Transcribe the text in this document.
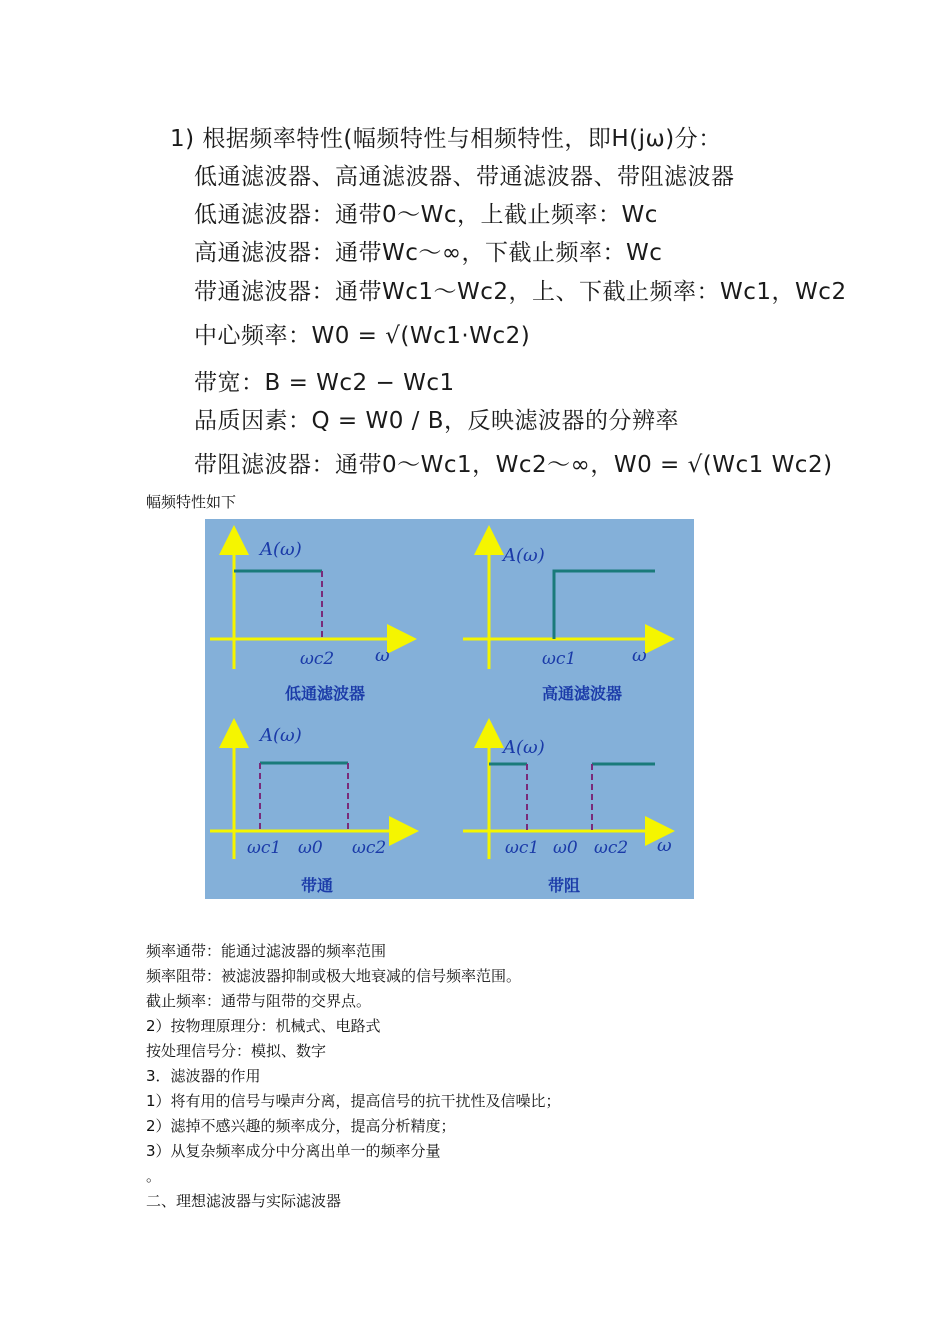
1) 根据频率特性(幅频特性与相频特性，即H(jω)分：
低通滤波器、高通滤波器、带通滤波器、带阻滤波器
低通滤波器：通带0～Wc，上截止频率：Wc
高通滤波器：通带Wc～∞，下截止频率：Wc
带通滤波器：通带Wc1～Wc2，上、下截止频率：Wc1，Wc2
中心频率：W0 = √(Wc1·Wc2)
带宽：B = Wc2 − Wc1
品质因素：Q = W0 / B，反映滤波器的分辨率
带阻滤波器：通带0～Wc1，Wc2～∞，W0 = √(Wc1 Wc2)
幅频特性如下
A(ω)
ωc2 ω
低通滤波器
A(ω)
ωc1	ω
高通滤波器
A(ω)
ωc1 ω0 ωc2
带通
A(ω)
ωc1 ω0 ωc2 ω
带阻
频率通带：能通过滤波器的频率范围
频率阻带：被滤波器抑制或极大地衰减的信号频率范围。
截止频率：通带与阻带的交界点。
2）按物理原理分：机械式、电路式
按处理信号分：模拟、数字
3．滤波器的作用
1）将有用的信号与噪声分离，提高信号的抗干扰性及信噪比；
2）滤掉不感兴趣的频率成分，提高分析精度；
3）从复杂频率成分中分离出单一的频率分量
。
二、理想滤波器与实际滤波器
